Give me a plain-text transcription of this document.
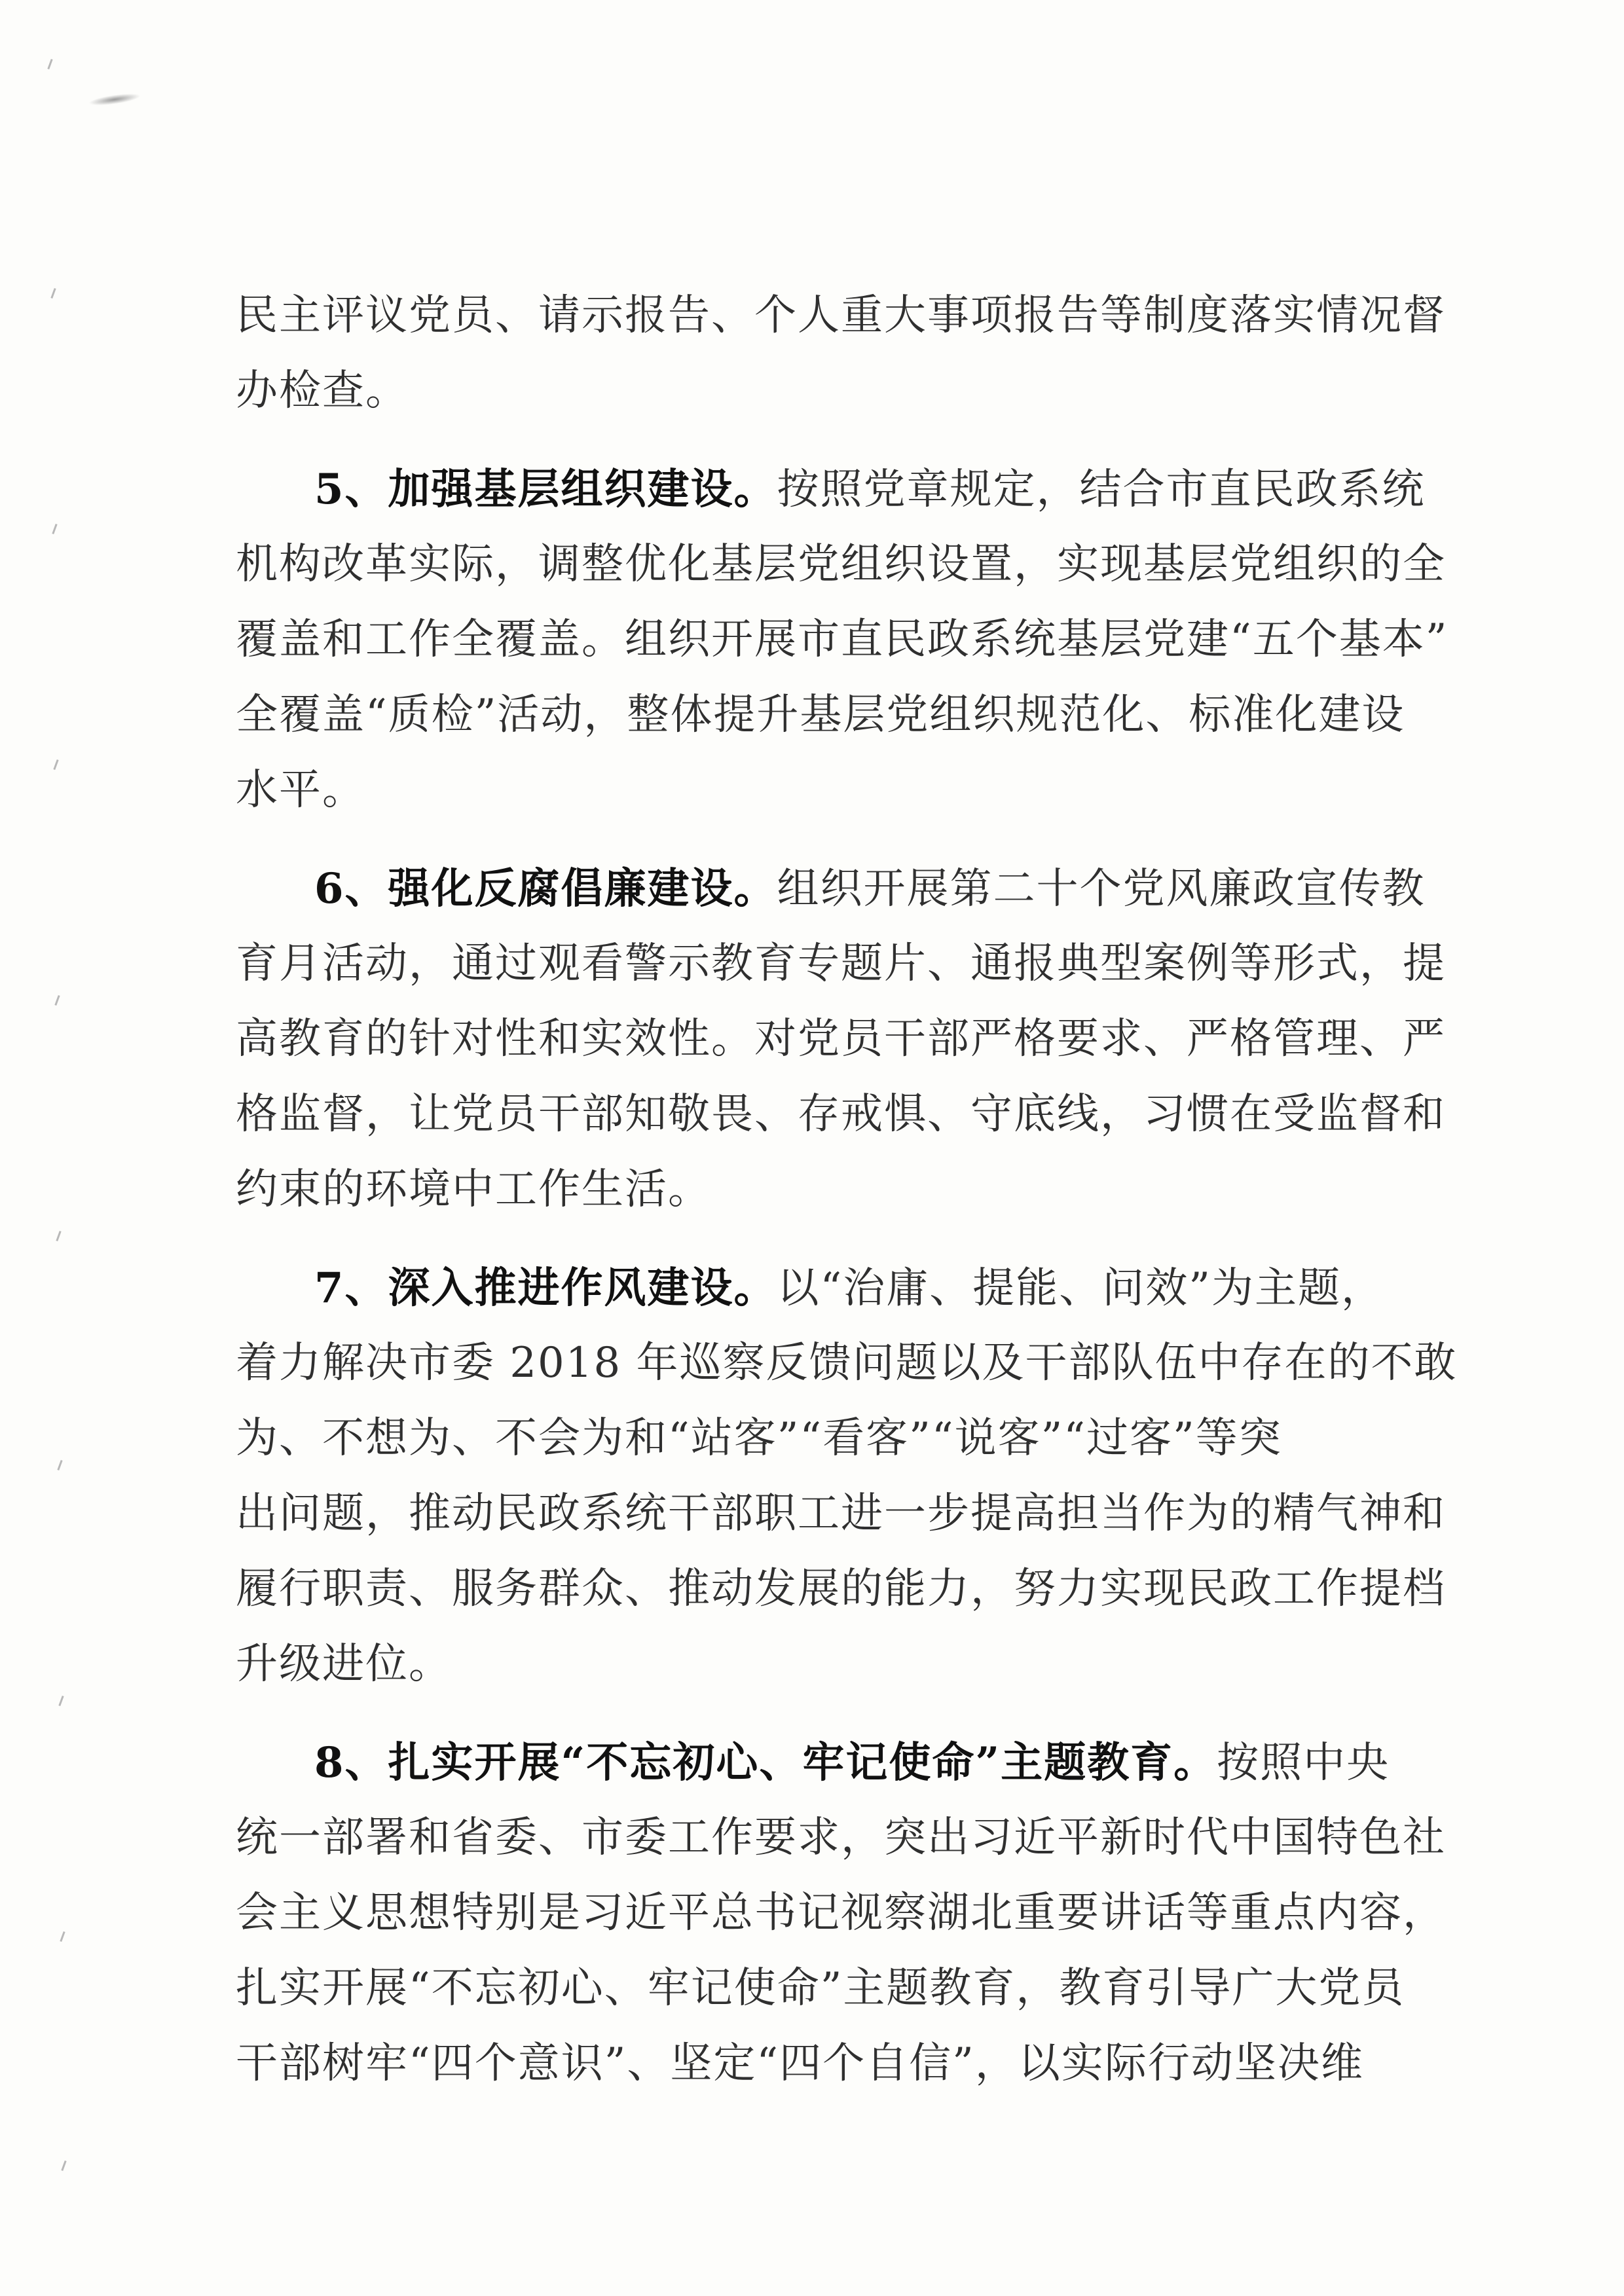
民主评议党员、请示报告、个人重大事项报告等制度落实情况督
办检查。
5、加强基层组织建设。按照党章规定，结合市直民政系统
机构改革实际，调整优化基层党组织设置，实现基层党组织的全
覆盖和工作全覆盖。组织开展市直民政系统基层党建“五个基本”
全覆盖“质检”活动，整体提升基层党组织规范化、标准化建设
水平。
6、强化反腐倡廉建设。组织开展第二十个党风廉政宣传教
育月活动，通过观看警示教育专题片、通报典型案例等形式，提
高教育的针对性和实效性。对党员干部严格要求、严格管理、严
格监督，让党员干部知敬畏、存戒惧、守底线，习惯在受监督和
约束的环境中工作生活。
7、深入推进作风建设。以“治庸、提能、问效”为主题，
着力解决市委 2018 年巡察反馈问题以及干部队伍中存在的不敢
为、不想为、不会为和“站客”“看客”“说客”“过客”等突
出问题，推动民政系统干部职工进一步提高担当作为的精气神和
履行职责、服务群众、推动发展的能力，努力实现民政工作提档
升级进位。
8、扎实开展“不忘初心、牢记使命”主题教育。按照中央
统一部署和省委、市委工作要求，突出习近平新时代中国特色社
会主义思想特别是习近平总书记视察湖北重要讲话等重点内容，
扎实开展“不忘初心、牢记使命”主题教育，教育引导广大党员
干部树牢“四个意识”、坚定“四个自信”，以实际行动坚决维
